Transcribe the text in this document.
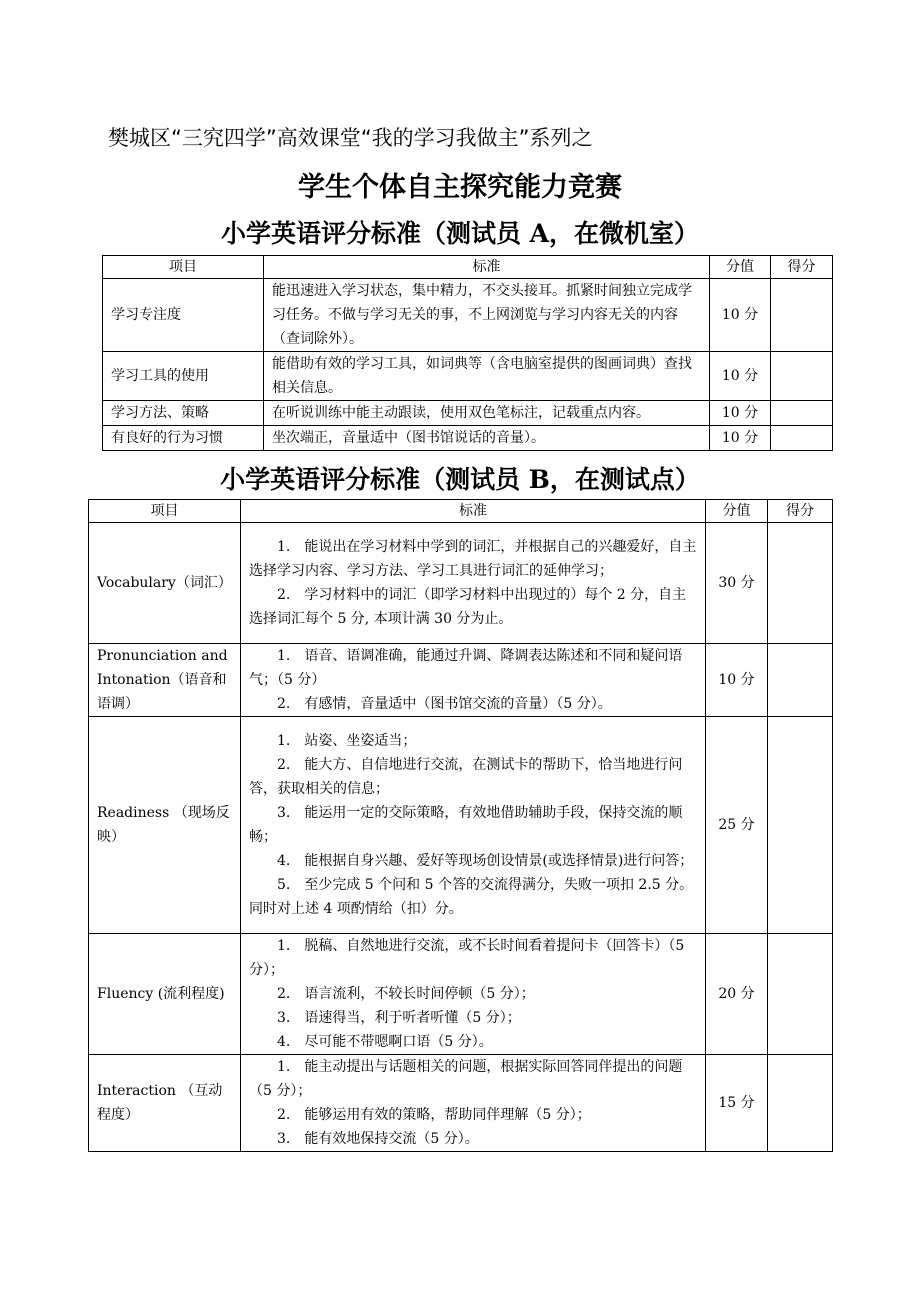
樊城区“三究四学”高效课堂“我的学习我做主”系列之
学生个体自主探究能力竞赛
小学英语评分标准（测试员 A，在微机室）
项目	标准	分值	得分
学习专注度	能迅速进入学习状态，集中精力，不交头接耳。抓紧时间独立完成学习任务。不做与学习无关的事，不上网浏览与学习内容无关的内容（查词除外）。	10 分	
学习工具的使用	能借助有效的学习工具，如词典等（含电脑室提供的图画词典）查找相关信息。	10 分	
学习方法、策略	在听说训练中能主动跟读，使用双色笔标注，记载重点内容。	10 分	
有良好的行为习惯	坐次端正，音量适中（图书馆说话的音量）。	10 分	
小学英语评分标准（测试员 B，在测试点）
项目	标准	分值	得分
Vocabulary（词汇）	1.　能说出在学习材料中学到的词汇，并根据自己的兴趣爱好，自主选择学习内容、学习方法、学习工具进行词汇的延伸学习；
2.　学习材料中的词汇（即学习材料中出现过的）每个 2 分，自主选择词汇每个 5 分, 本项计满 30 分为止。	30 分	
Pronunciation and Intonation（语音和语调）	1.　语音、语调准确，能通过升调、降调表达陈述和不同和疑问语气；（5 分）
2.　有感情，音量适中（图书馆交流的音量）（5 分）。	10 分	
Readiness （现场反映）	1.　站姿、坐姿适当；
2.　能大方、自信地进行交流，在测试卡的帮助下，恰当地进行问答，获取相关的信息；
3.　能运用一定的交际策略，有效地借助辅助手段，保持交流的顺畅；
4.　能根据自身兴趣、爱好等现场创设情景(或选择情景)进行问答；
5.　至少完成 5 个问和 5 个答的交流得满分，失败一项扣 2.5 分。同时对上述 4 项酌情给（扣）分。	25 分	
Fluency (流利程度)	1.　脱稿、自然地进行交流，或不长时间看着提问卡（回答卡）（5 分）；
2.　语言流利，不较长时间停顿（5 分）；
3.　语速得当，利于听者听懂（5 分）；
4.　尽可能不带嗯啊口语（5 分）。	20 分	
Interaction （互动程度）	1.　能主动提出与话题相关的问题，根据实际回答同伴提出的问题（5 分）；
2.　能够运用有效的策略，帮助同伴理解（5 分）；
3.　能有效地保持交流（5 分）。	15 分	
